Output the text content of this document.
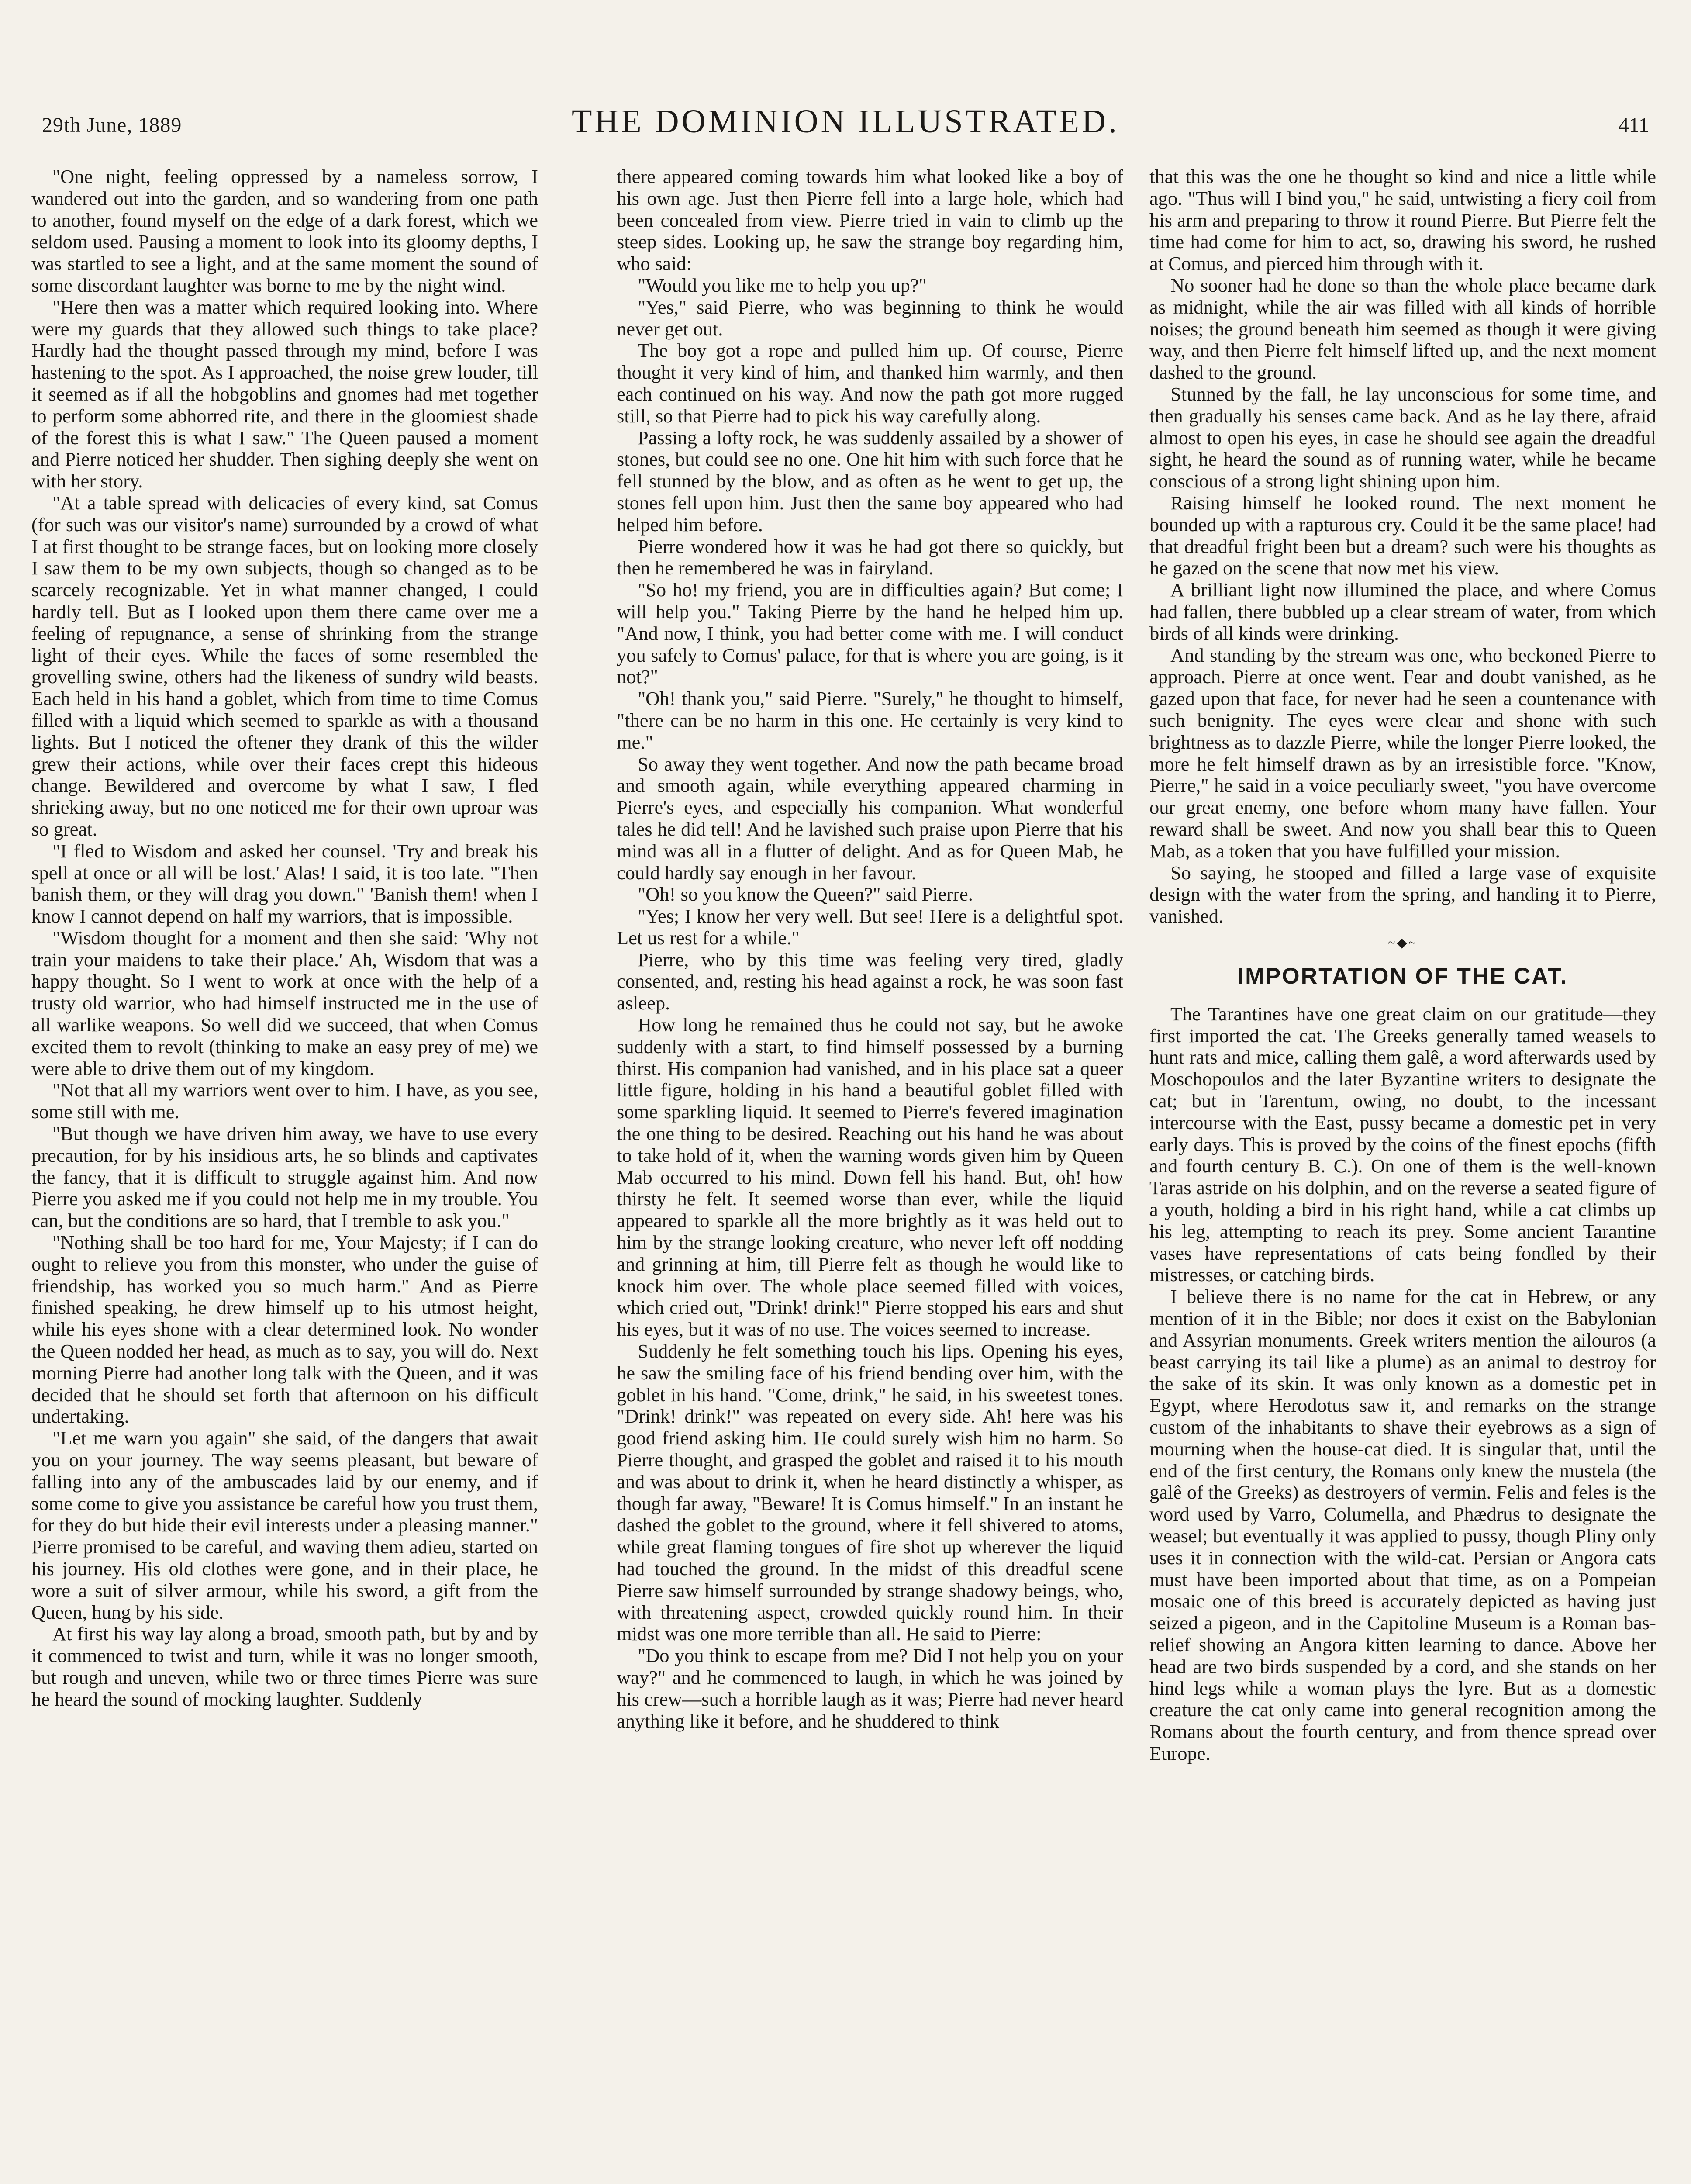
29th June, 1889	THE DOMINION ILLUSTRATED.	411

"One night, feeling oppressed by a nameless sorrow, I wandered out into the garden, and so wandering from one path to another, found myself on the edge of a dark forest, which we seldom used. Pausing a moment to look into its gloomy depths, I was startled to see a light, and at the same moment the sound of some discordant laughter was borne to me by the night wind.

"Here then was a matter which required looking into. Where were my guards that they allowed such things to take place? Hardly had the thought passed through my mind, before I was hastening to the spot. As I approached, the noise grew louder, till it seemed as if all the hobgoblins and gnomes had met together to perform some abhorred rite, and there in the gloomiest shade of the forest this is what I saw." The Queen paused a moment and Pierre noticed her shudder. Then sighing deeply she went on with her story.

"At a table spread with delicacies of every kind, sat Comus (for such was our visitor's name) surrounded by a crowd of what I at first thought to be strange faces, but on looking more closely I saw them to be my own subjects, though so changed as to be scarcely recognizable. Yet in what manner changed, I could hardly tell. But as I looked upon them there came over me a feeling of repugnance, a sense of shrinking from the strange light of their eyes. While the faces of some resembled the grovelling swine, others had the likeness of sundry wild beasts. Each held in his hand a goblet, which from time to time Comus filled with a liquid which seemed to sparkle as with a thousand lights. But I noticed the oftener they drank of this the wilder grew their actions, while over their faces crept this hideous change. Bewildered and overcome by what I saw, I fled shrieking away, but no one noticed me for their own uproar was so great.

"I fled to Wisdom and asked her counsel. 'Try and break his spell at once or all will be lost.' Alas! I said, it is too late. "Then banish them, or they will drag you down." 'Banish them! when I know I cannot depend on half my warriors, that is impossible.

"Wisdom thought for a moment and then she said: 'Why not train your maidens to take their place.' Ah, Wisdom that was a happy thought. So I went to work at once with the help of a trusty old warrior, who had himself instructed me in the use of all warlike weapons. So well did we succeed, that when Comus excited them to revolt (thinking to make an easy prey of me) we were able to drive them out of my kingdom.

"Not that all my warriors went over to him. I have, as you see, some still with me.

"But though we have driven him away, we have to use every precaution, for by his insidious arts, he so blinds and captivates the fancy, that it is difficult to struggle against him. And now Pierre you asked me if you could not help me in my trouble. You can, but the conditions are so hard, that I tremble to ask you."

"Nothing shall be too hard for me, Your Majesty; if I can do ought to relieve you from this monster, who under the guise of friendship, has worked you so much harm." And as Pierre finished speaking, he drew himself up to his utmost height, while his eyes shone with a clear determined look. No wonder the Queen nodded her head, as much as to say, you will do. Next morning Pierre had another long talk with the Queen, and it was decided that he should set forth that afternoon on his difficult undertaking.

"Let me warn you again" she said, of the dangers that await you on your journey. The way seems pleasant, but beware of falling into any of the ambuscades laid by our enemy, and if some come to give you assistance be careful how you trust them, for they do but hide their evil interests under a pleasing manner." Pierre promised to be careful, and waving them adieu, started on his journey. His old clothes were gone, and in their place, he wore a suit of silver armour, while his sword, a gift from the Queen, hung by his side.

At first his way lay along a broad, smooth path, but by and by it commenced to twist and turn, while it was no longer smooth, but rough and uneven, while two or three times Pierre was sure he heard the sound of mocking laughter. Suddenly

there appeared coming towards him what looked like a boy of his own age. Just then Pierre fell into a large hole, which had been concealed from view. Pierre tried in vain to climb up the steep sides. Looking up, he saw the strange boy regarding him, who said:

"Would you like me to help you up?"

"Yes," said Pierre, who was beginning to think he would never get out.

The boy got a rope and pulled him up. Of course, Pierre thought it very kind of him, and thanked him warmly, and then each continued on his way. And now the path got more rugged still, so that Pierre had to pick his way carefully along.

Passing a lofty rock, he was suddenly assailed by a shower of stones, but could see no one. One hit him with such force that he fell stunned by the blow, and as often as he went to get up, the stones fell upon him. Just then the same boy appeared who had helped him before.

Pierre wondered how it was he had got there so quickly, but then he remembered he was in fairyland.

"So ho! my friend, you are in difficulties again? But come; I will help you." Taking Pierre by the hand he helped him up. "And now, I think, you had better come with me. I will conduct you safely to Comus' palace, for that is where you are going, is it not?"

"Oh! thank you," said Pierre. "Surely," he thought to himself, "there can be no harm in this one. He certainly is very kind to me."

So away they went together. And now the path became broad and smooth again, while everything appeared charming in Pierre's eyes, and especially his companion. What wonderful tales he did tell! And he lavished such praise upon Pierre that his mind was all in a flutter of delight. And as for Queen Mab, he could hardly say enough in her favour.

"Oh! so you know the Queen?" said Pierre.

"Yes; I know her very well. But see! Here is a delightful spot. Let us rest for a while."

Pierre, who by this time was feeling very tired, gladly consented, and, resting his head against a rock, he was soon fast asleep.

How long he remained thus he could not say, but he awoke suddenly with a start, to find himself possessed by a burning thirst. His companion had vanished, and in his place sat a queer little figure, holding in his hand a beautiful goblet filled with some sparkling liquid. It seemed to Pierre's fevered imagination the one thing to be desired. Reaching out his hand he was about to take hold of it, when the warning words given him by Queen Mab occurred to his mind. Down fell his hand. But, oh! how thirsty he felt. It seemed worse than ever, while the liquid appeared to sparkle all the more brightly as it was held out to him by the strange looking creature, who never left off nodding and grinning at him, till Pierre felt as though he would like to knock him over. The whole place seemed filled with voices, which cried out, "Drink! drink!" Pierre stopped his ears and shut his eyes, but it was of no use. The voices seemed to increase.

Suddenly he felt something touch his lips. Opening his eyes, he saw the smiling face of his friend bending over him, with the goblet in his hand. "Come, drink," he said, in his sweetest tones. "Drink! drink!" was repeated on every side. Ah! here was his good friend asking him. He could surely wish him no harm. So Pierre thought, and grasped the goblet and raised it to his mouth and was about to drink it, when he heard distinctly a whisper, as though far away, "Beware! It is Comus himself." In an instant he dashed the goblet to the ground, where it fell shivered to atoms, while great flaming tongues of fire shot up wherever the liquid had touched the ground. In the midst of this dreadful scene Pierre saw himself surrounded by strange shadowy beings, who, with threatening aspect, crowded quickly round him. In their midst was one more terrible than all. He said to Pierre:

"Do you think to escape from me? Did I not help you on your way?" and he commenced to laugh, in which he was joined by his crew—such a horrible laugh as it was; Pierre had never heard anything like it before, and he shuddered to think

that this was the one he thought so kind and nice a little while ago. "Thus will I bind you," he said, untwisting a fiery coil from his arm and preparing to throw it round Pierre. But Pierre felt the time had come for him to act, so, drawing his sword, he rushed at Comus, and pierced him through with it.

No sooner had he done so than the whole place became dark as midnight, while the air was filled with all kinds of horrible noises; the ground beneath him seemed as though it were giving way, and then Pierre felt himself lifted up, and the next moment dashed to the ground.

Stunned by the fall, he lay unconscious for some time, and then gradually his senses came back. And as he lay there, afraid almost to open his eyes, in case he should see again the dreadful sight, he heard the sound as of running water, while he became conscious of a strong light shining upon him.

Raising himself he looked round. The next moment he bounded up with a rapturous cry. Could it be the same place! had that dreadful fright been but a dream? such were his thoughts as he gazed on the scene that now met his view.

A brilliant light now illumined the place, and where Comus had fallen, there bubbled up a clear stream of water, from which birds of all kinds were drinking.

And standing by the stream was one, who beckoned Pierre to approach. Pierre at once went. Fear and doubt vanished, as he gazed upon that face, for never had he seen a countenance with such benignity. The eyes were clear and shone with such brightness as to dazzle Pierre, while the longer Pierre looked, the more he felt himself drawn as by an irresistible force. "Know, Pierre," he said in a voice peculiarly sweet, "you have overcome our great enemy, one before whom many have fallen. Your reward shall be sweet. And now you shall bear this to Queen Mab, as a token that you have fulfilled your mission.

So saying, he stooped and filled a large vase of exquisite design with the water from the spring, and handing it to Pierre, vanished.

~◆~
IMPORTATION OF THE CAT.

The Tarantines have one great claim on our gratitude—they first imported the cat. The Greeks generally tamed weasels to hunt rats and mice, calling them galê, a word afterwards used by Moschopoulos and the later Byzantine writers to designate the cat; but in Tarentum, owing, no doubt, to the incessant intercourse with the East, pussy became a domestic pet in very early days. This is proved by the coins of the finest epochs (fifth and fourth century B. C.). On one of them is the well-known Taras astride on his dolphin, and on the reverse a seated figure of a youth, holding a bird in his right hand, while a cat climbs up his leg, attempting to reach its prey. Some ancient Tarantine vases have representations of cats being fondled by their mistresses, or catching birds.

I believe there is no name for the cat in Hebrew, or any mention of it in the Bible; nor does it exist on the Babylonian and Assyrian monuments. Greek writers mention the ailouros (a beast carrying its tail like a plume) as an animal to destroy for the sake of its skin. It was only known as a domestic pet in Egypt, where Herodotus saw it, and remarks on the strange custom of the inhabitants to shave their eyebrows as a sign of mourning when the house-cat died. It is singular that, until the end of the first century, the Romans only knew the mustela (the galê of the Greeks) as destroyers of vermin. Felis and feles is the word used by Varro, Columella, and Phædrus to designate the weasel; but eventually it was applied to pussy, though Pliny only uses it in connection with the wild-cat. Persian or Angora cats must have been imported about that time, as on a Pompeian mosaic one of this breed is accurately depicted as having just seized a pigeon, and in the Capitoline Museum is a Roman bas-relief showing an Angora kitten learning to dance. Above her head are two birds suspended by a cord, and she stands on her hind legs while a woman plays the lyre. But as a domestic creature the cat only came into general recognition among the Romans about the fourth century, and from thence spread over Europe.
